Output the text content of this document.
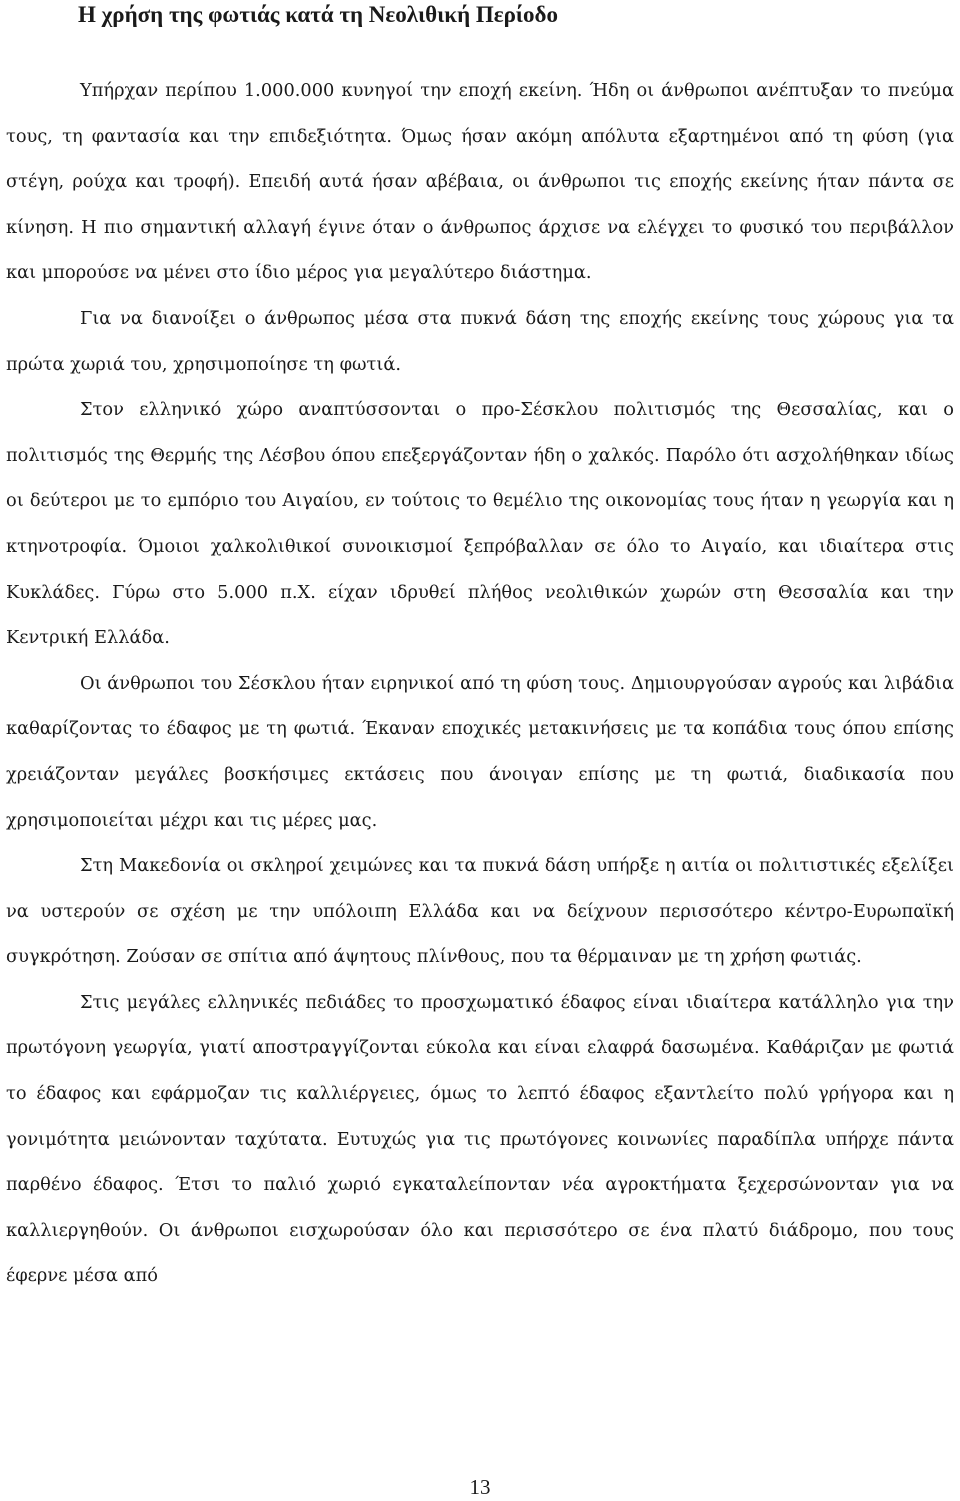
Η χρήση της φωτιάς κατά τη Νεολιθική Περίοδο

Υπήρχαν περίπου 1.000.000 κυνηγοί την εποχή εκείνη. Ήδη οι άνθρωποι ανέπτυξαν το πνεύμα τους, τη φαντασία και την επιδεξιότητα. Όμως ήσαν ακόμη απόλυτα εξαρτημένοι από τη φύση (για στέγη, ρούχα και τροφή). Επειδή αυτά ήσαν αβέβαια, οι άνθρωποι τις εποχής εκείνης ήταν πάντα σε κίνηση. Η πιο σημαντική αλλαγή έγινε όταν ο άνθρωπος άρχισε να ελέγχει το φυσικό του περιβάλλον και μπορούσε να μένει στο ίδιο μέρος για μεγαλύτερο διάστημα.

Για να διανοίξει ο άνθρωπος μέσα στα πυκνά δάση της εποχής εκείνης τους χώρους για τα πρώτα χωριά του, χρησιμοποίησε τη φωτιά.

Στον ελληνικό χώρο αναπτύσσονται ο προ-Σέσκλου πολιτισμός της Θεσσαλίας, και ο πολιτισμός της Θερμής της Λέσβου όπου επεξεργάζονταν ήδη ο χαλκός. Παρόλο ότι ασχολήθηκαν ιδίως οι δεύτεροι με το εμπόριο του Αιγαίου, εν τούτοις το θεμέλιο της οικονομίας τους ήταν η γεωργία και η κτηνοτροφία. Όμοιοι χαλκολιθικοί συνοικισμοί ξεπρόβαλλαν σε όλο το Αιγαίο, και ιδιαίτερα στις Κυκλάδες. Γύρω στο 5.000 π.Χ. είχαν ιδρυθεί πλήθος νεολιθικών χωρών στη Θεσσαλία και την Κεντρική Ελλάδα.

Οι άνθρωποι του Σέσκλου ήταν ειρηνικοί από τη φύση τους. Δημιουργούσαν αγρούς και λιβάδια καθαρίζοντας το έδαφος με τη φωτιά. Έκαναν εποχικές μετακινήσεις με τα κοπάδια τους όπου επίσης χρειάζονταν μεγάλες βοσκήσιμες εκτάσεις που άνοιγαν επίσης με τη φωτιά, διαδικασία που χρησιμοποιείται μέχρι και τις μέρες μας.

Στη Μακεδονία οι σκληροί χειμώνες και τα πυκνά δάση υπήρξε η αιτία οι πολιτιστικές εξελίξει να υστερούν σε σχέση με την υπόλοιπη Ελλάδα και να δείχνουν περισσότερο κέντρο-Ευρωπαϊκή συγκρότηση. Ζούσαν σε σπίτια από άψητους πλίνθους, που τα θέρμαιναν με τη χρήση φωτιάς.

Στις μεγάλες ελληνικές πεδιάδες το προσχωματικό έδαφος είναι ιδιαίτερα κατάλληλο για την πρωτόγονη γεωργία, γιατί αποστραγγίζονται εύκολα και είναι ελαφρά δασωμένα. Καθάριζαν με φωτιά το έδαφος και εφάρμοζαν τις καλλιέργειες, όμως το λεπτό έδαφος εξαντλείτο πολύ γρήγορα και η γονιμότητα μειώνονταν ταχύτατα. Ευτυχώς για τις πρωτόγονες κοινωνίες παραδίπλα υπήρχε πάντα παρθένο έδαφος. Έτσι το παλιό χωριό εγκαταλείπονταν νέα αγροκτήματα ξεχερσώνονταν για να καλλιεργηθούν. Οι άνθρωποι εισχωρούσαν όλο και περισσότερο σε ένα πλατύ διάδρομο, που τους έφερνε μέσα από

13
